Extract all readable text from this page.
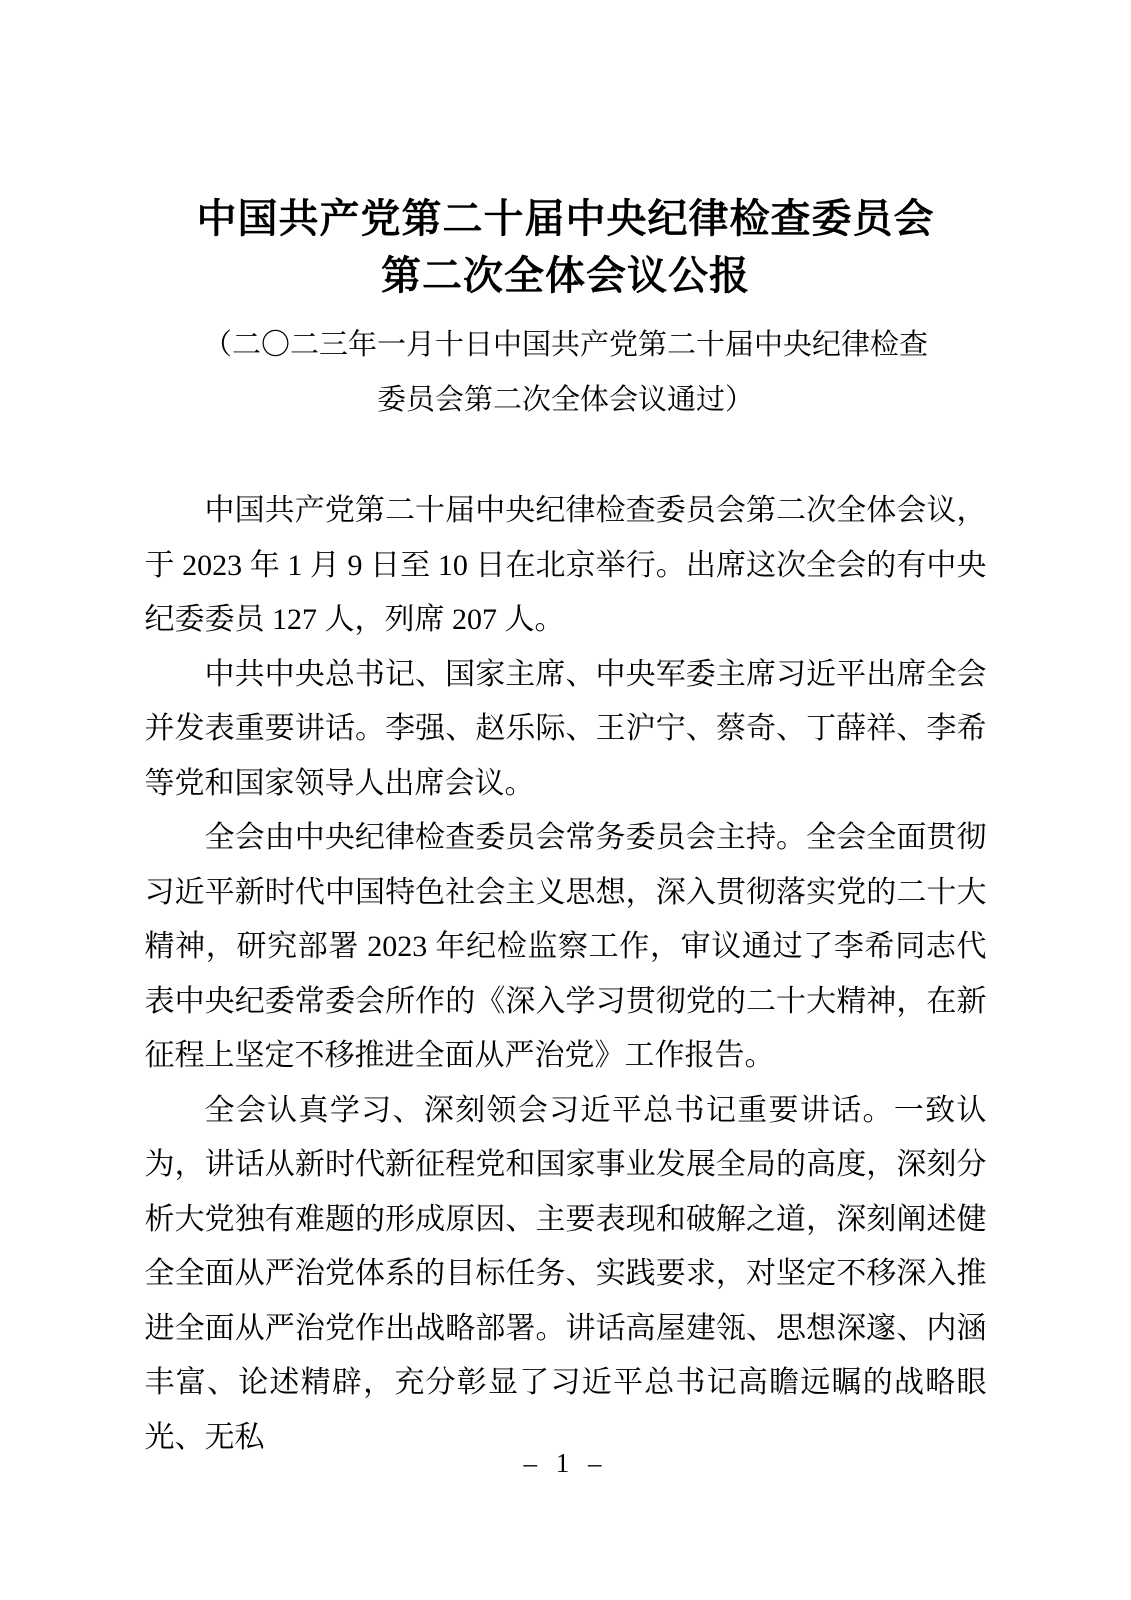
中国共产党第二十届中央纪律检查委员会
第二次全体会议公报
（二〇二三年一月十日中国共产党第二十届中央纪律检查
委员会第二次全体会议通过）

中国共产党第二十届中央纪律检查委员会第二次全体会议，于 2023 年 1 月 9 日至 10 日在北京举行。出席这次全会的有中央纪委委员 127 人，列席 207 人。

中共中央总书记、国家主席、中央军委主席习近平出席全会并发表重要讲话。李强、赵乐际、王沪宁、蔡奇、丁薛祥、李希等党和国家领导人出席会议。

全会由中央纪律检查委员会常务委员会主持。全会全面贯彻习近平新时代中国特色社会主义思想，深入贯彻落实党的二十大精神，研究部署 2023 年纪检监察工作，审议通过了李希同志代表中央纪委常委会所作的《深入学习贯彻党的二十大精神，在新征程上坚定不移推进全面从严治党》工作报告。

全会认真学习、深刻领会习近平总书记重要讲话。一致认为，讲话从新时代新征程党和国家事业发展全局的高度，深刻分析大党独有难题的形成原因、主要表现和破解之道，深刻阐述健全全面从严治党体系的目标任务、实践要求，对坚定不移深入推进全面从严治党作出战略部署。讲话高屋建瓴、思想深邃、内涵丰富、论述精辟，充分彰显了习近平总书记高瞻远瞩的战略眼光、无私

– 1 –
